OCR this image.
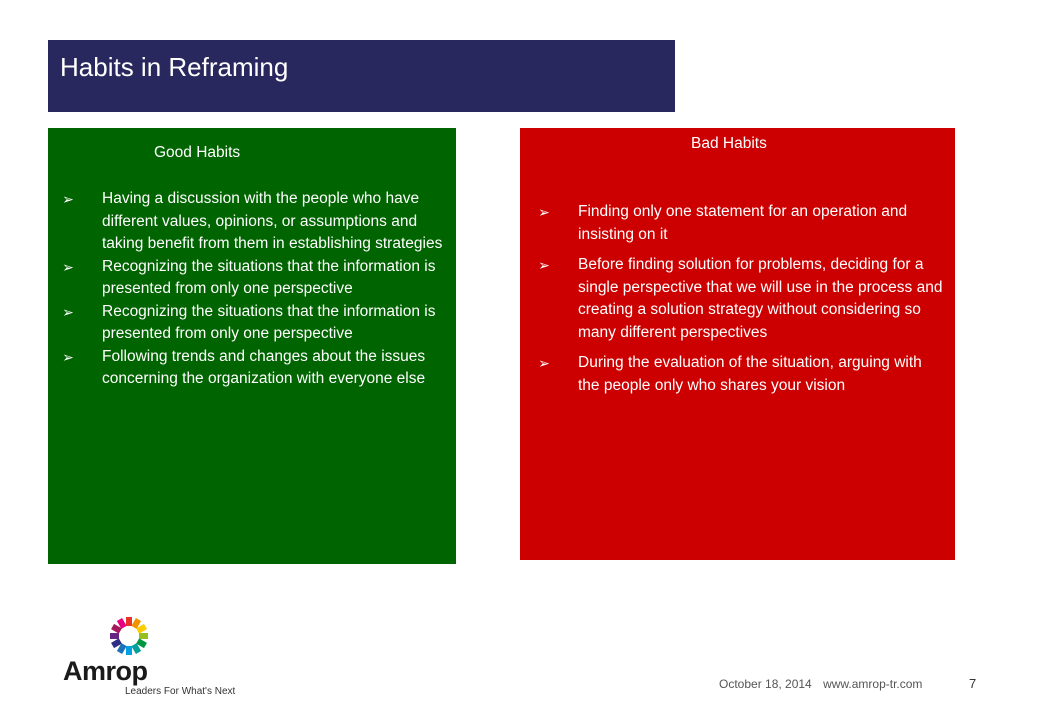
Habits in Reframing
Good Habits
➢ Having a discussion with the people who have different values, opinions, or assumptions and taking benefit from them in establishing strategies
➢ Recognizing the situations that the information is presented from only one perspective
➢ Recognizing the situations that the information is presented from only one perspective
➢ Following trends and changes about the issues concerning the organization with everyone else
Bad Habits
➢ Finding only one statement for an operation and insisting on it
➢ Before finding solution for problems, deciding for a single perspective that we will use in the process and creating a solution strategy without considering so many different perspectives
➢ During the evaluation of the situation, arguing with the people only who shares your vision
Amrop
Leaders For What's Next
October 18, 2014 www.amrop-tr.com	7
